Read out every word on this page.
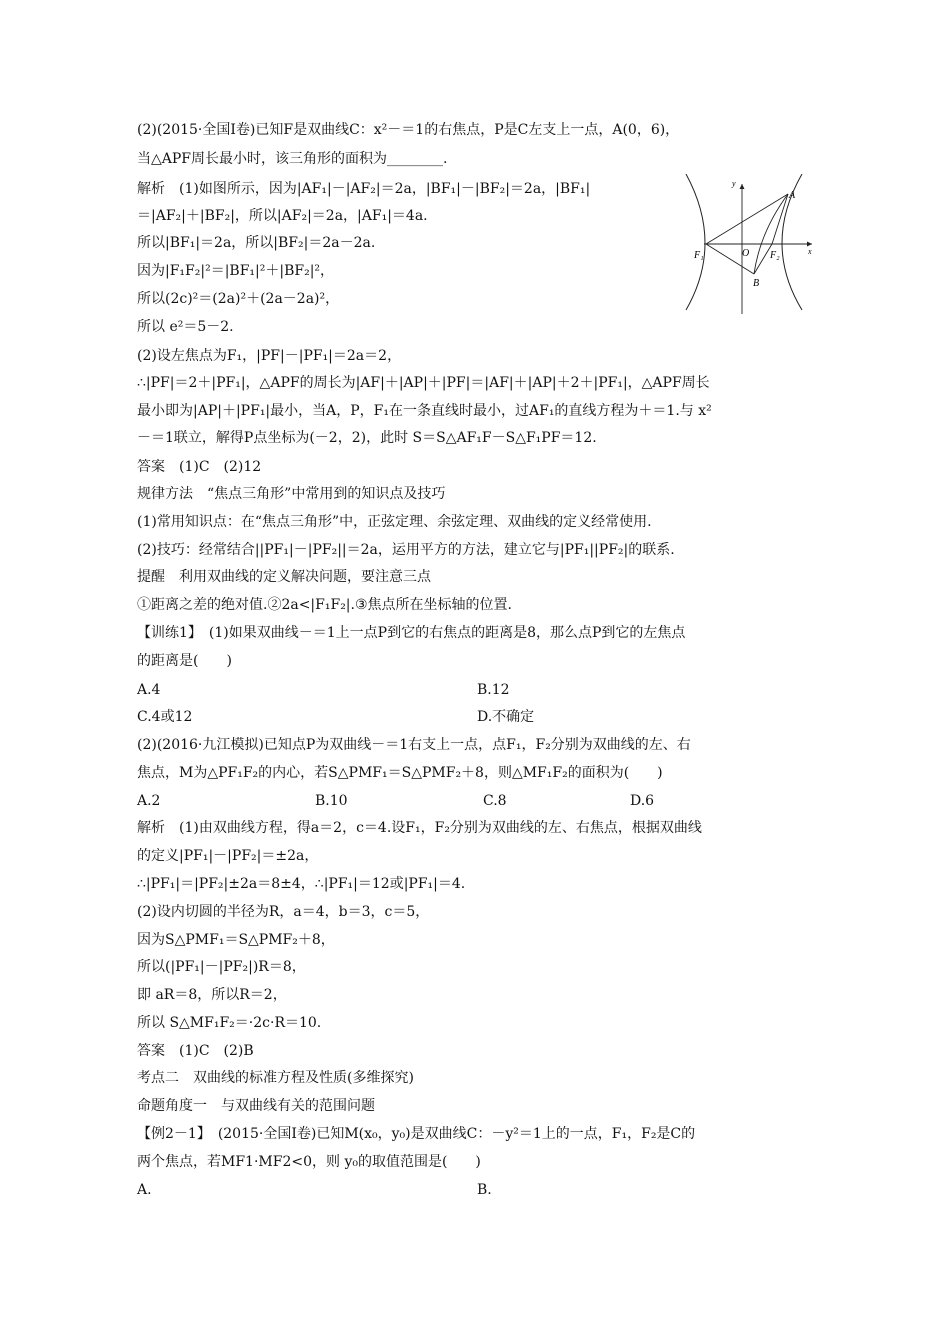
(2)(2015·全国Ⅰ卷)已知F是双曲线C：x²－＝1的右焦点，P是C左支上一点，A(0，6)，
当△APF周长最小时，该三角形的面积为________.
解析　(1)如图所示，因为|AF₁|－|AF₂|＝2a，|BF₁|－|BF₂|＝2a，|BF₁|
＝|AF₂|＋|BF₂|，所以|AF₂|＝2a，|AF₁|＝4a.
所以|BF₁|＝2a，所以|BF₂|＝2a－2a.
因为|F₁F₂|²＝|BF₁|²＋|BF₂|²，
所以(2c)²＝(2a)²＋(2a－2a)²，
所以 e²＝5－2.
(2)设左焦点为F₁，|PF|－|PF₁|＝2a＝2，
∴|PF|＝2＋|PF₁|，△APF的周长为|AF|＋|AP|＋|PF|＝|AF|＋|AP|＋2＋|PF₁|，△APF周长
最小即为|AP|＋|PF₁|最小，当A，P，F₁在一条直线时最小，过AF₁的直线方程为＋＝1.与 x²
－＝1联立，解得P点坐标为(－2，2)，此时 S＝S△AF₁F－S△F₁PF＝12.
答案　(1)C　(2)12
规律方法　“焦点三角形”中常用到的知识点及技巧
(1)常用知识点：在“焦点三角形”中，正弦定理、余弦定理、双曲线的定义经常使用.
(2)技巧：经常结合||PF₁|－|PF₂||＝2a，运用平方的方法，建立它与|PF₁||PF₂|的联系.
提醒　利用双曲线的定义解决问题，要注意三点
①距离之差的绝对值.②2a<|F₁F₂|.③焦点所在坐标轴的位置.
【训练1】　(1)如果双曲线－＝1上一点P到它的右焦点的距离是8，那么点P到它的左焦点
的距离是(　　)
A.4	B.12
C.4或12	D.不确定
(2)(2016·九江模拟)已知点P为双曲线－＝1右支上一点，点F₁，F₂分别为双曲线的左、右
焦点，M为△PF₁F₂的内心，若S△PMF₁＝S△PMF₂＋8，则△MF₁F₂的面积为(　　)
A.2	B.10	C.8	D.6
解析　(1)由双曲线方程，得a＝2，c＝4.设F₁，F₂分别为双曲线的左、右焦点，根据双曲线
的定义|PF₁|－|PF₂|＝±2a，
∴|PF₁|＝|PF₂|±2a＝8±4，∴|PF₁|＝12或|PF₁|＝4.
(2)设内切圆的半径为R，a＝4，b＝3，c＝5，
因为S△PMF₁＝S△PMF₂＋8，
所以(|PF₁|－|PF₂|)R＝8，
即 aR＝8，所以R＝2，
所以 S△MF₁F₂＝·2c·R＝10.
答案　(1)C　(2)B
考点二　双曲线的标准方程及性质(多维探究)
命题角度一　与双曲线有关的范围问题
【例2－1】　(2015·全国Ⅰ卷)已知M(x₀，y₀)是双曲线C：－y²＝1上的一点，F₁，F₂是C的
两个焦点，若MF1·MF2<0，则 y₀的取值范围是(　　)
A.	B.
y
x
A
O
F₁	F₂
B
